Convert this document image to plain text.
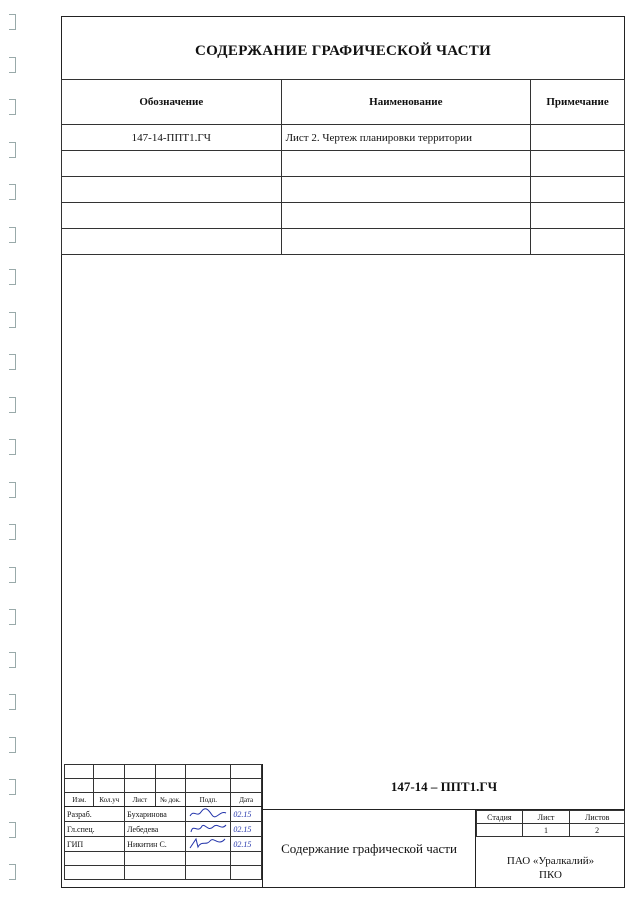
СОДЕРЖАНИЕ ГРАФИЧЕСКОЙ ЧАСТИ
Обозначение	Наименование	Примечание
147-14-ППТ1.ГЧ	Лист 2. Чертеж планировки территории	

Изм.	Кол.уч	Лист	№ док.	Подп.	Дата
Разраб.		Бухаринова			02.15
Гл.спец.		Лебедева			02.15
ГИП		Никитин С.			02.15

147-14 – ППТ1.ГЧ
Содержание графической части
Стадия	Лист	Листов
	1	2
ПАО «Уралкалий»
ПКО
